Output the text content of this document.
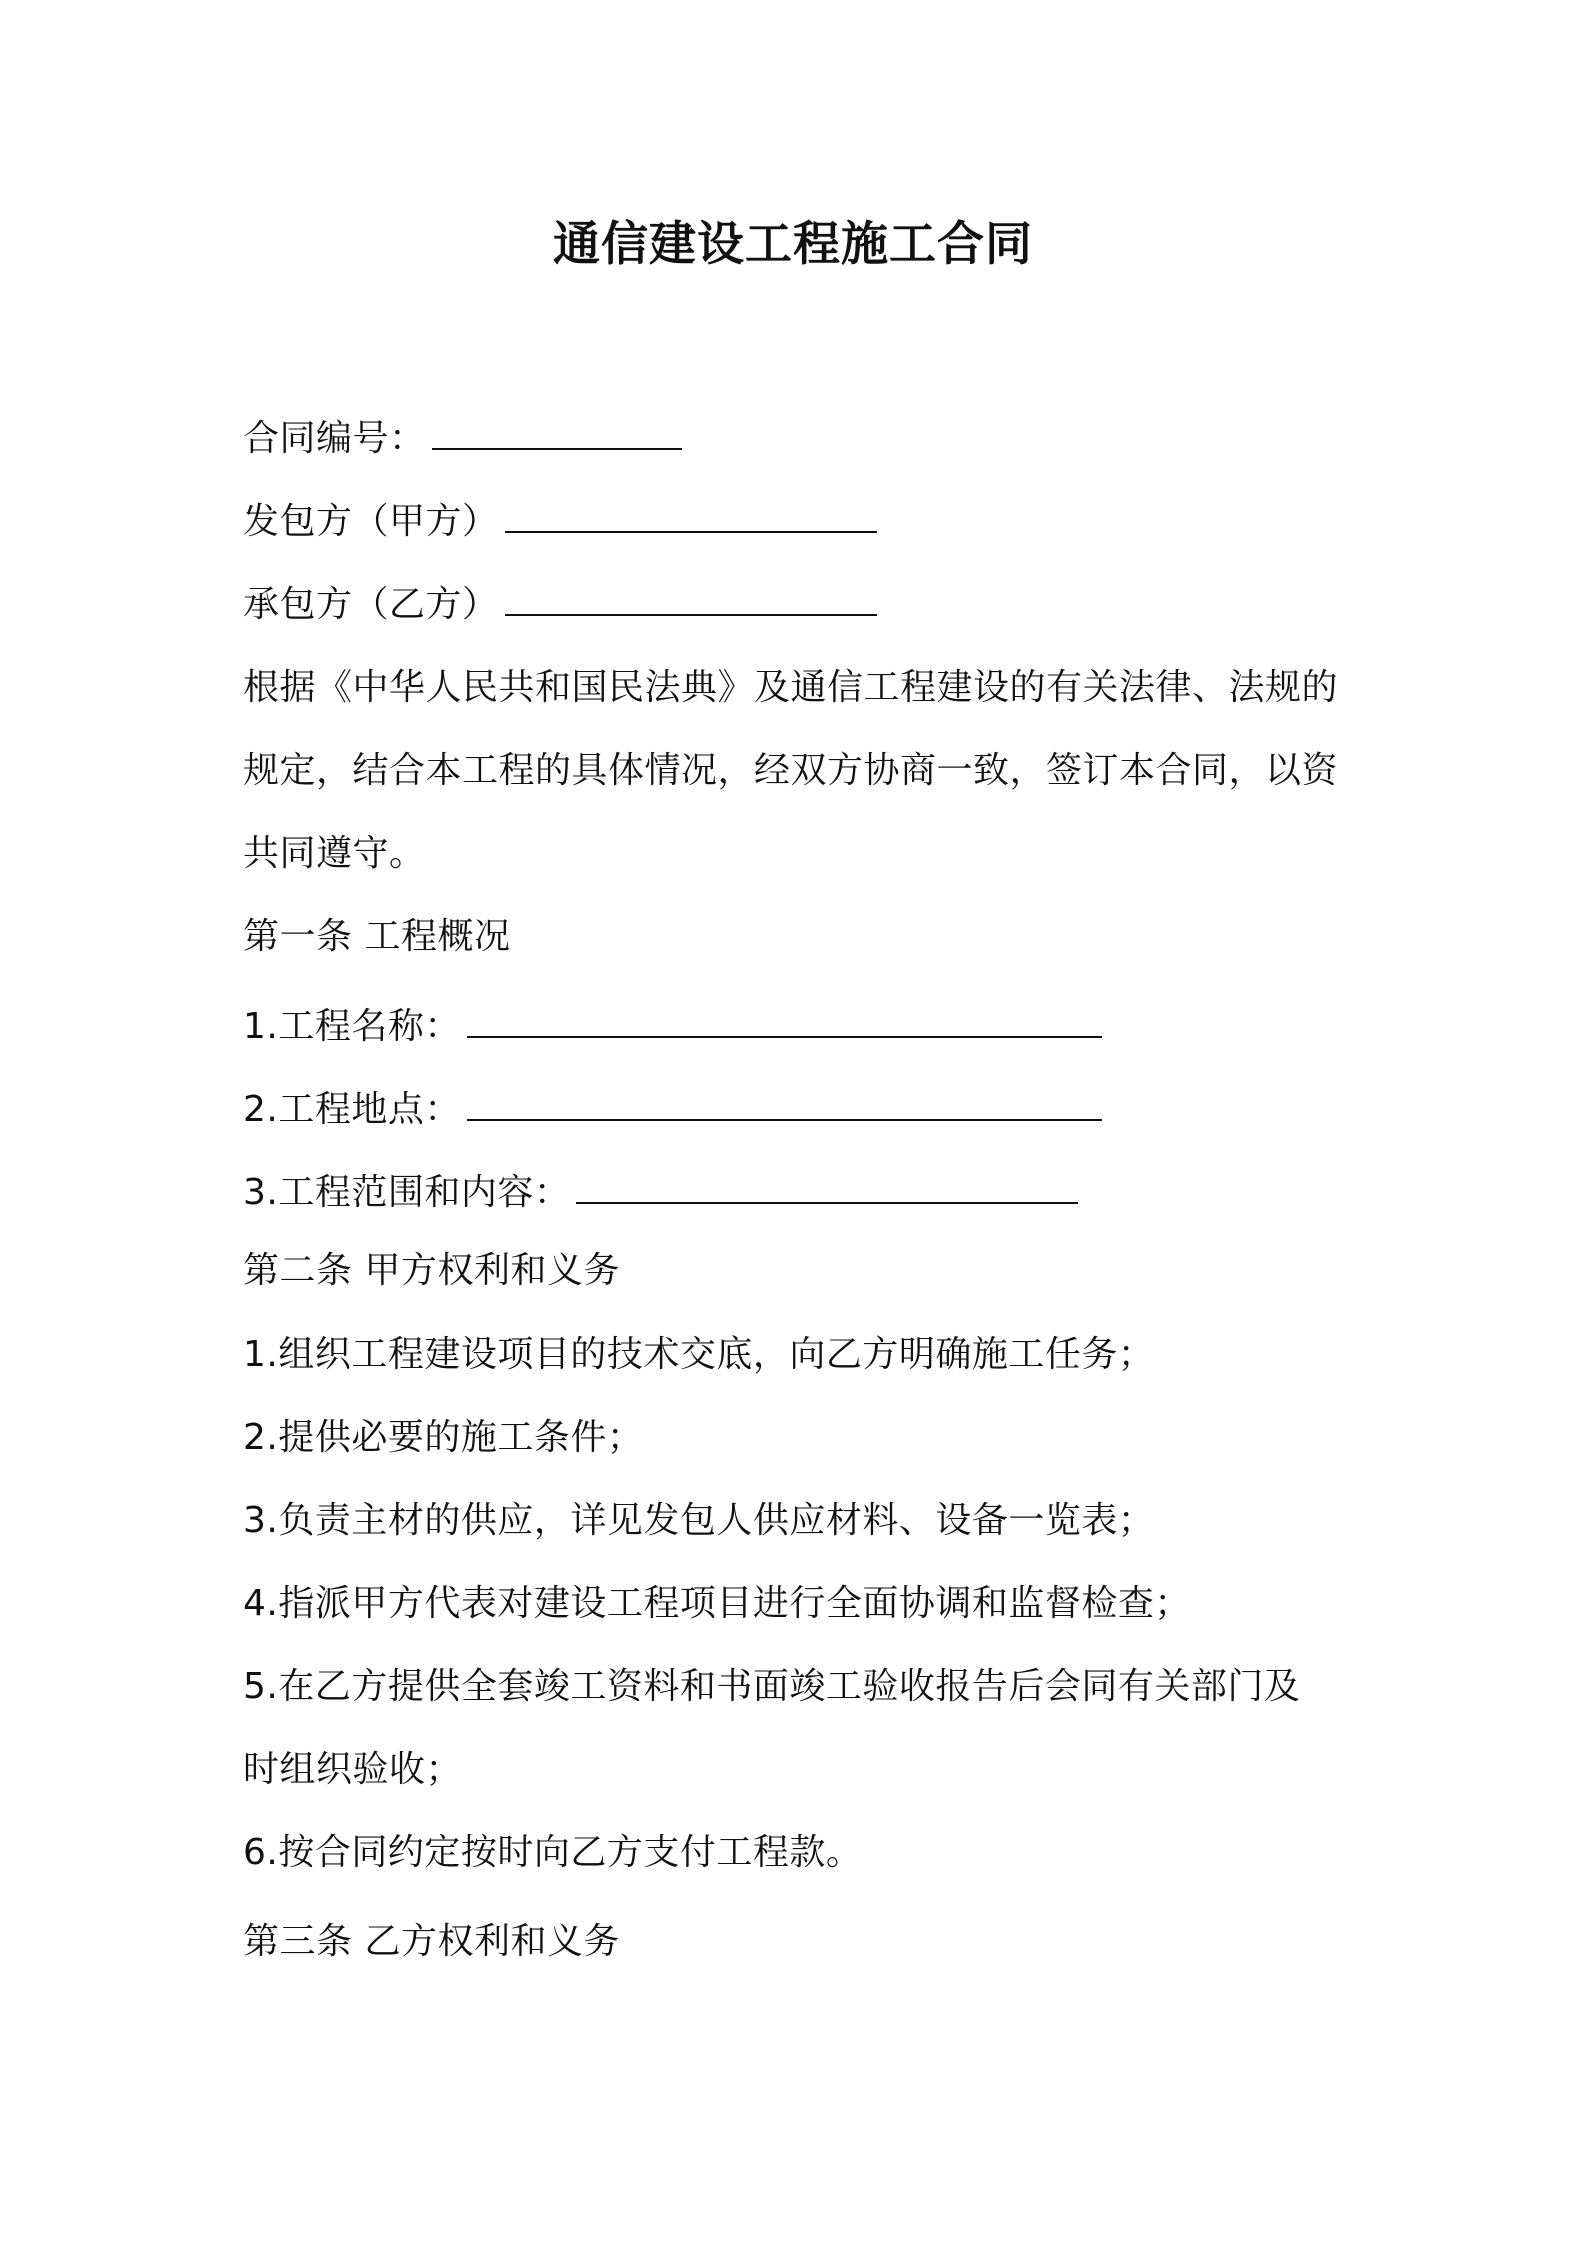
通信建设工程施工合同
合同编号：
发包方（甲方）
承包方（乙方）
根据《中华人民共和国民法典》及通信工程建设的有关法律、法规的
规定，结合本工程的具体情况，经双方协商一致，签订本合同，以资
共同遵守。
第一条 工程概况
1.工程名称：
2.工程地点：
3.工程范围和内容：
第二条 甲方权利和义务
1.组织工程建设项目的技术交底，向乙方明确施工任务；
2.提供必要的施工条件；
3.负责主材的供应，详见发包人供应材料、设备一览表；
4.指派甲方代表对建设工程项目进行全面协调和监督检查；
5.在乙方提供全套竣工资料和书面竣工验收报告后会同有关部门及
时组织验收；
6.按合同约定按时向乙方支付工程款。
第三条 乙方权利和义务
